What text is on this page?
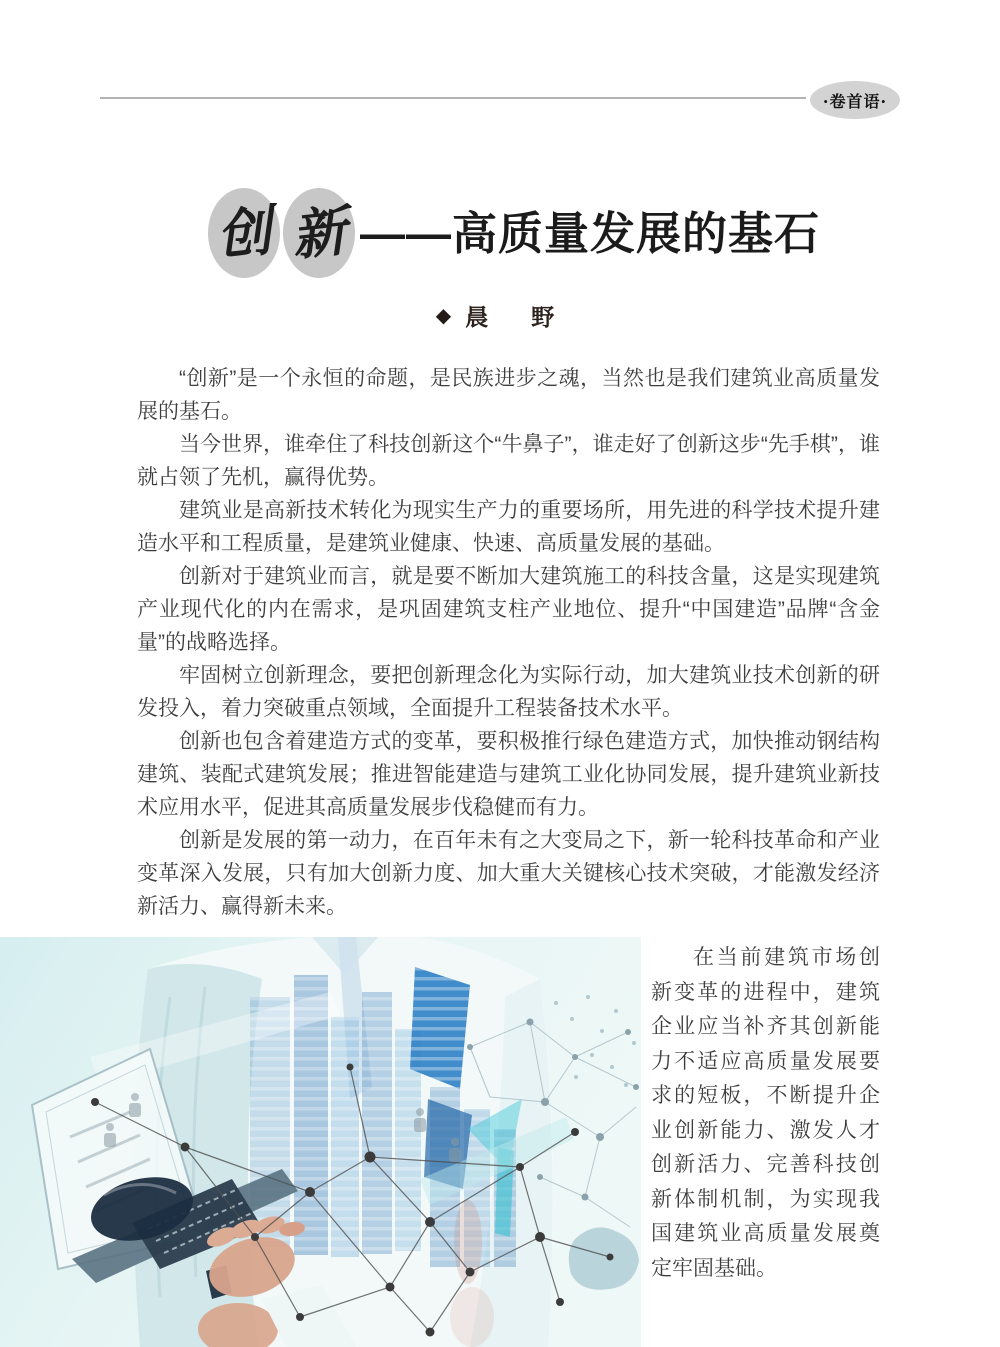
·卷首语·
创 新 ——高质量发展的基石
◆ 晨　野

“创新”是一个永恒的命题，是民族进步之魂，当然也是我们建筑业高质量发展的基石。

当今世界，谁牵住了科技创新这个“牛鼻子”，谁走好了创新这步“先手棋”，谁就占领了先机，赢得优势。

建筑业是高新技术转化为现实生产力的重要场所，用先进的科学技术提升建造水平和工程质量，是建筑业健康、快速、高质量发展的基础。

创新对于建筑业而言，就是要不断加大建筑施工的科技含量，这是实现建筑产业现代化的内在需求，是巩固建筑支柱产业地位、提升“中国建造”品牌“含金量”的战略选择。

牢固树立创新理念，要把创新理念化为实际行动，加大建筑业技术创新的研发投入，着力突破重点领域，全面提升工程装备技术水平。

创新也包含着建造方式的变革，要积极推行绿色建造方式，加快推动钢结构建筑、装配式建筑发展；推进智能建造与建筑工业化协同发展，提升建筑业新技术应用水平，促进其高质量发展步伐稳健而有力。

创新是发展的第一动力，在百年未有之大变局之下，新一轮科技革命和产业变革深入发展，只有加大创新力度、加大重大关键核心技术突破，才能激发经济新活力、赢得新未来。

在当前建筑市场创新变革的进程中，建筑企业应当补齐其创新能力不适应高质量发展要求的短板，不断提升企业创新能力、激发人才创新活力、完善科技创新体制机制，为实现我国建筑业高质量发展奠定牢固基础。
